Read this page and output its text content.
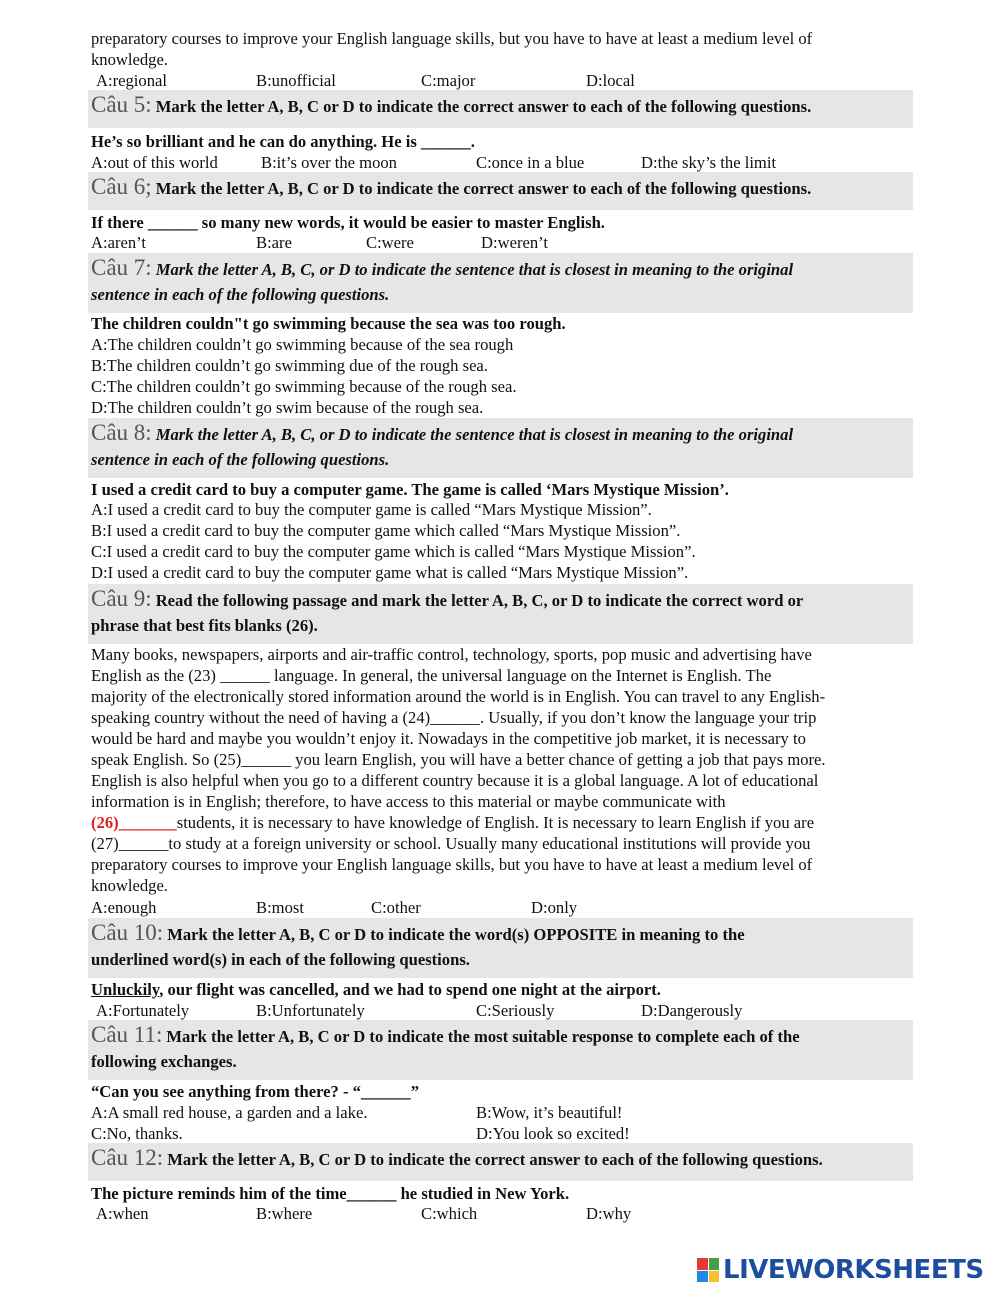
preparatory courses to improve your English language skills, but you have to have at least a medium level of
knowledge.
A:regional	B:unofficial	C:major	D:local
Câu 5: Mark the letter A, B, C or D to indicate the correct answer to each of the following questions.
He’s so brilliant and he can do anything. He is ______.
A:out of this world	B:it’s over the moon	C:once in a blue	D:the sky’s the limit
Câu 6; Mark the letter A, B, C or D to indicate the correct answer to each of the following questions.
If there ______ so many new words, it would be easier to master English.
A:aren’t	B:are	C:were	D:weren’t
Câu 7: Mark the letter A, B, C, or D to indicate the sentence that is closest in meaning to the original
sentence in each of the following questions.
The children couldn"t go swimming because the sea was too rough.
A:The children couldn’t go swimming because of the sea rough
B:The children couldn’t go swimming due of the rough sea.
C:The children couldn’t go swimming because of the rough sea.
D:The children couldn’t go swim because of the rough sea.
Câu 8: Mark the letter A, B, C, or D to indicate the sentence that is closest in meaning to the original
sentence in each of the following questions.
I used a credit card to buy a computer game. The game is called ‘Mars Mystique Mission’.
A:I used a credit card to buy the computer game is called “Mars Mystique Mission”.
B:I used a credit card to buy the computer game which called “Mars Mystique Mission”.
C:I used a credit card to buy the computer game which is called “Mars Mystique Mission”.
D:I used a credit card to buy the computer game what is called “Mars Mystique Mission”.
Câu 9: Read the following passage and mark the letter A, B, C, or D to indicate the correct word or
phrase that best fits blanks (26).
Many books, newspapers, airports and air-traffic control, technology, sports, pop music and advertising have
English as the (23) ______ language. In general, the universal language on the Internet is English. The
majority of the electronically stored information around the world is in English. You can travel to any English-
speaking country without the need of having a (24)______. Usually, if you don’t know the language your trip
would be hard and maybe you wouldn’t enjoy it. Nowadays in the competitive job market, it is necessary to
speak English. So (25)______ you learn English, you will have a better chance of getting a job that pays more.
English is also helpful when you go to a different country because it is a global language. A lot of educational
information is in English; therefore, to have access to this material or maybe communicate with
(26)_______students, it is necessary to have knowledge of English. It is necessary to learn English if you are
(27)______to study at a foreign university or school. Usually many educational institutions will provide you
preparatory courses to improve your English language skills, but you have to have at least a medium level of
knowledge.
A:enough	B:most	C:other	D:only
Câu 10: Mark the letter A, B, C or D to indicate the word(s) OPPOSITE in meaning to the
underlined word(s) in each of the following questions.
Unluckily, our flight was cancelled, and we had to spend one night at the airport.
A:Fortunately	B:Unfortunately	C:Seriously	D:Dangerously
Câu 11: Mark the letter A, B, C or D to indicate the most suitable response to complete each of the
following exchanges.
“Can you see anything from there? - “______”
A:A small red house, a garden and a lake.	B:Wow, it’s beautiful!
C:No, thanks.	D:You look so excited!
Câu 12: Mark the letter A, B, C or D to indicate the correct answer to each of the following questions.
The picture reminds him of the time______ he studied in New York.
A:when	B:where	C:which	D:why
LIVEWORKSHEETS
